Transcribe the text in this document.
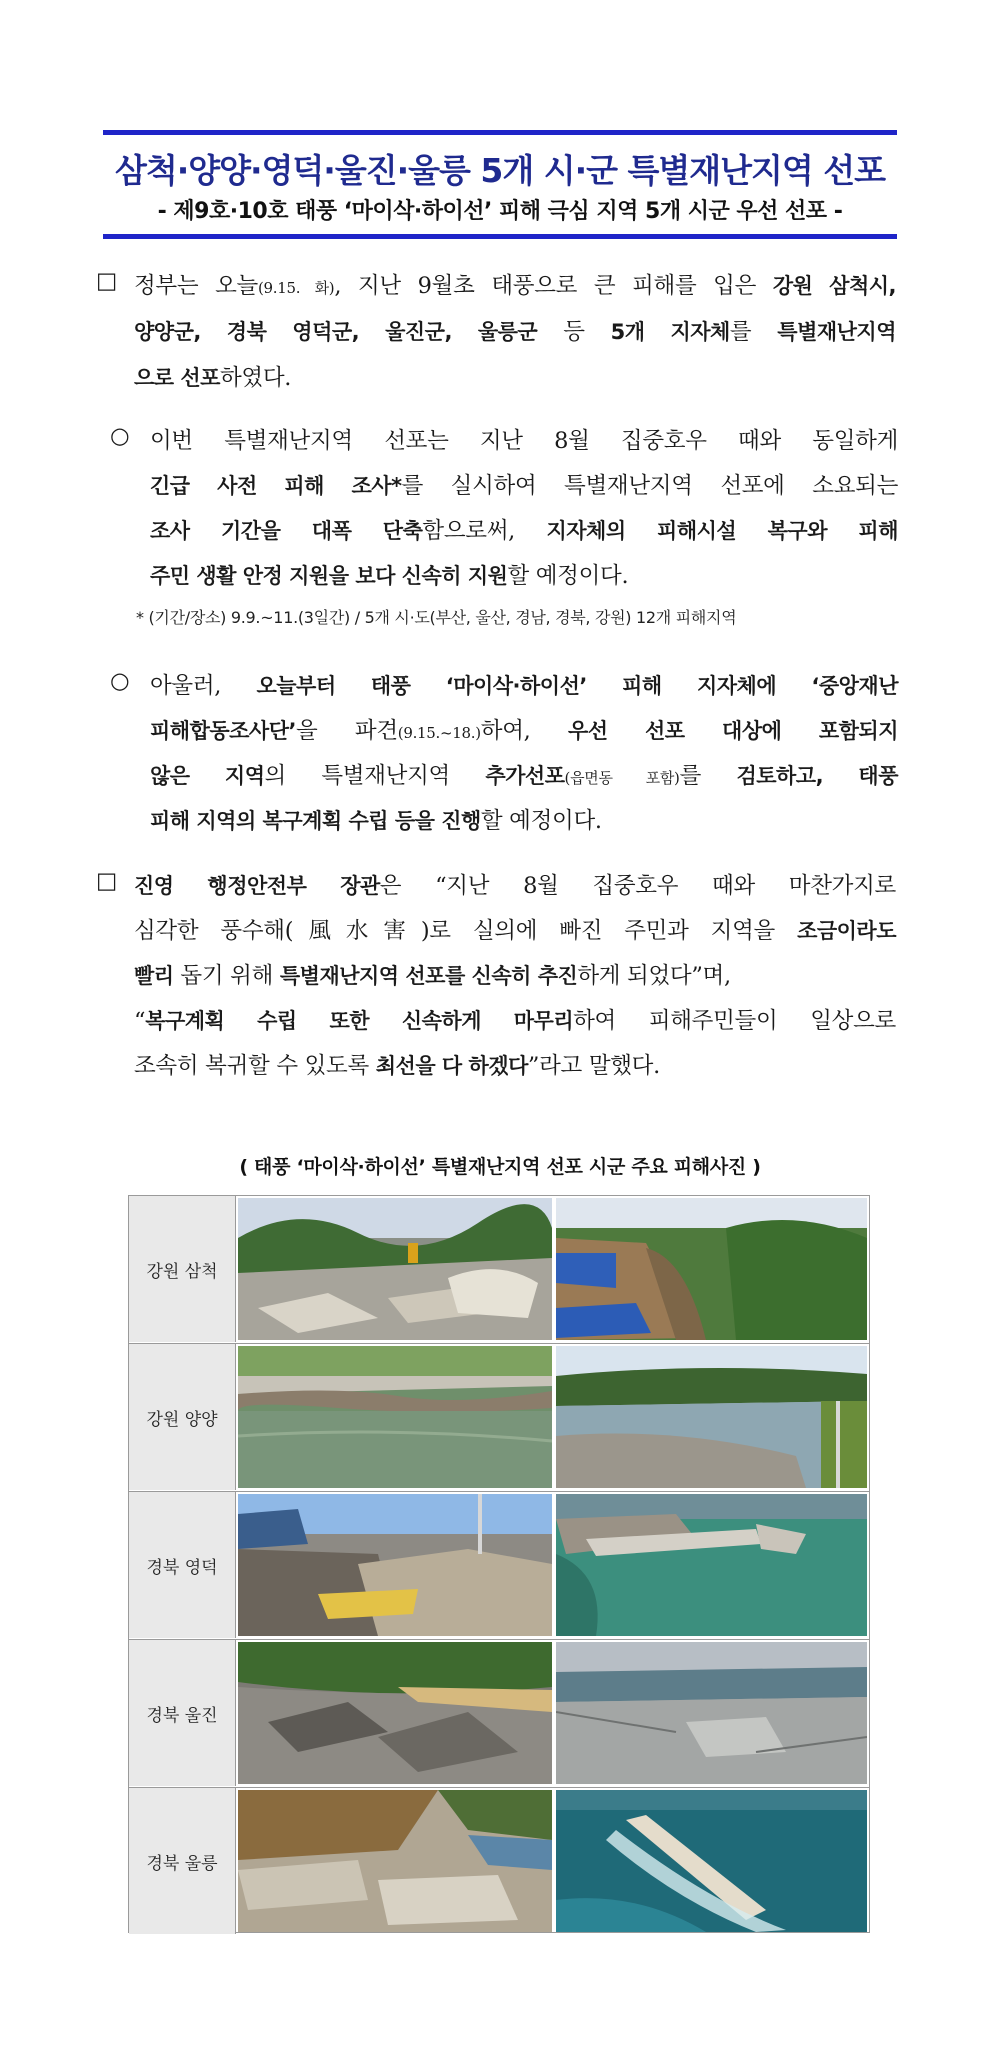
삼척·양양·영덕·울진·울릉 5개 시·군 특별재난지역 선포
- 제9호·10호 태풍 ‘마이삭·하이선’ 피해 극심 지역 5개 시군 우선 선포 -
□ 정부는 오늘(9.15. 화), 지난 9월초 태풍으로 큰 피해를 입은 강원 삼척시,
양양군, 경북 영덕군, 울진군, 울릉군 등 5개 지자체를 특별재난지역
으로 선포하였다.
○ 이번 특별재난지역 선포는 지난 8월 집중호우 때와 동일하게
긴급 사전 피해 조사*를 실시하여 특별재난지역 선포에 소요되는
조사 기간을 대폭 단축함으로써, 지자체의 피해시설 복구와 피해
주민 생활 안정 지원을 보다 신속히 지원할 예정이다.
* (기간/장소) 9.9.~11.(3일간) / 5개 시·도(부산, 울산, 경남, 경북, 강원) 12개 피해지역
○ 아울러, 오늘부터 태풍 ‘마이삭·하이선’ 피해 지자체에 ‘중앙재난
피해합동조사단’을 파견(9.15.~18.)하여, 우선 선포 대상에 포함되지
않은 지역의 특별재난지역 추가선포(읍면동 포함)를 검토하고, 태풍
피해 지역의 복구계획 수립 등을 진행할 예정이다.
□ 진영 행정안전부 장관은 “지난 8월 집중호우 때와 마찬가지로
심각한 풍수해(風水害)로 실의에 빠진 주민과 지역을 조금이라도
빨리 돕기 위해 특별재난지역 선포를 신속히 추진하게 되었다”며,
“복구계획 수립 또한 신속하게 마무리하여 피해주민들이 일상으로
조속히 복귀할 수 있도록 최선을 다 하겠다”라고 말했다.
( 태풍 ‘마이삭·하이선’ 특별재난지역 선포 시군 주요 피해사진 )
강원 삼척
강원 양양
경북 영덕
경북 울진
경북 울릉
